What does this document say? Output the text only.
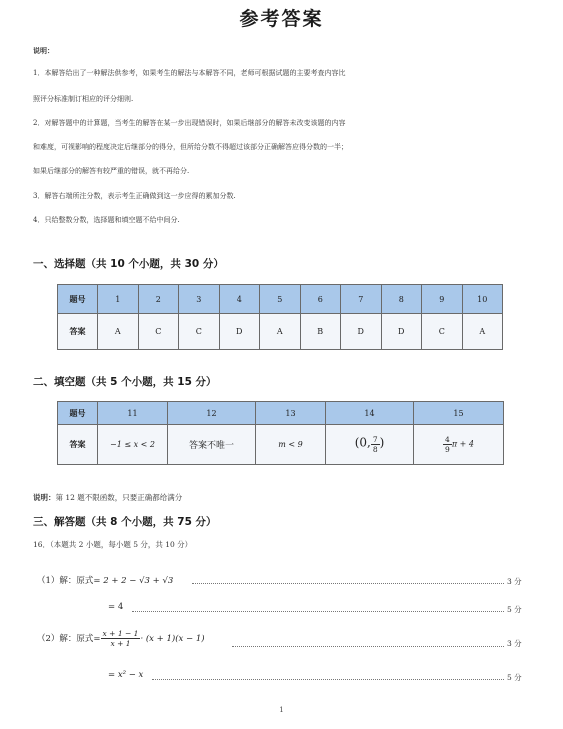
参考答案
说明：
1．本解答给出了一种解法供参考，如果考生的解法与本解答不同，老师可根据试题的主要考查内容比
照评分标准制订相应的评分细则.
2．对解答题中的计算题，当考生的解答在某一步出现错误时，如果后继部分的解答未改变该题的内容
和难度，可视影响的程度决定后继部分的得分，但所给分数不得超过该部分正确解答应得分数的一半；
如果后继部分的解答有较严重的错误，就不再给分.
3．解答右端所注分数，表示考生正确做到这一步应得的累加分数.
4．只给整数分数，选择题和填空题不给中间分.
一、选择题（共 10 个小题，共 30 分）
题号	1	2	3	4	5	6	7	8	9	10
答案	A	C	C	D	A	B	D	D	C	A
二、填空题（共 5 个小题，共 15 分）
题号	11	12	13	14	15
答案	−1 ≤ x < 2	答案不唯一	m < 9	(0, $\frac{7}{8}$ )	$\frac{4}{9}$ π + 4
说明：第 12 题不限函数，只要正确都给满分
三、解答题（共 8 个小题，共 75 分）
16．（本题共 2 小题，每小题 5 分，共 10 分）
（1）解：原式= 2 + 2 − √3 + √3	3 分
= 4	5 分
（2）解：原式= $\frac{x + 1 - 1}{x + 1} \cdot (x + 1)(x - 1)$	3 分
= x² − x	5 分
1
